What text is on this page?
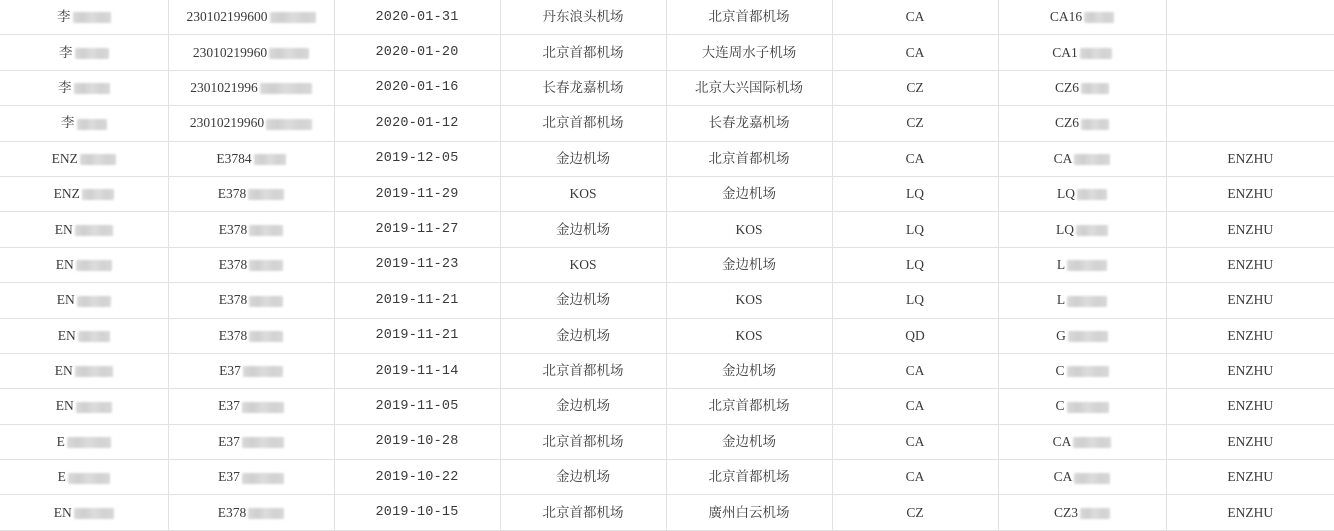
李	230102199600	2020-01-31	丹东浪头机场	北京首都机场	CA	CA16	

李	23010219960	2020-01-20	北京首都机场	大连周水子机场	CA	CA1	

李	2301021996	2020-01-16	长春龙嘉机场	北京大兴国际机场	CZ	CZ6	

李	23010219960	2020-01-12	北京首都机场	长春龙嘉机场	CZ	CZ6	

ENZ	E3784	2019-12-05	金边机场	北京首都机场	CA	CA	ENZHU

ENZ	E378	2019-11-29	KOS	金边机场	LQ	LQ	ENZHU

EN	E378	2019-11-27	金边机场	KOS	LQ	LQ	ENZHU

EN	E378	2019-11-23	KOS	金边机场	LQ	L	ENZHU

EN	E378	2019-11-21	金边机场	KOS	LQ	L	ENZHU

EN	E378	2019-11-21	金边机场	KOS	QD	G	ENZHU

EN	E37	2019-11-14	北京首都机场	金边机场	CA	C	ENZHU

EN	E37	2019-11-05	金边机场	北京首都机场	CA	C	ENZHU

E	E37	2019-10-28	北京首都机场	金边机场	CA	CA	ENZHU

E	E37	2019-10-22	金边机场	北京首都机场	CA	CA	ENZHU

EN	E378	2019-10-15	北京首都机场	廣州白云机场	CZ	CZ3	ENZHU
